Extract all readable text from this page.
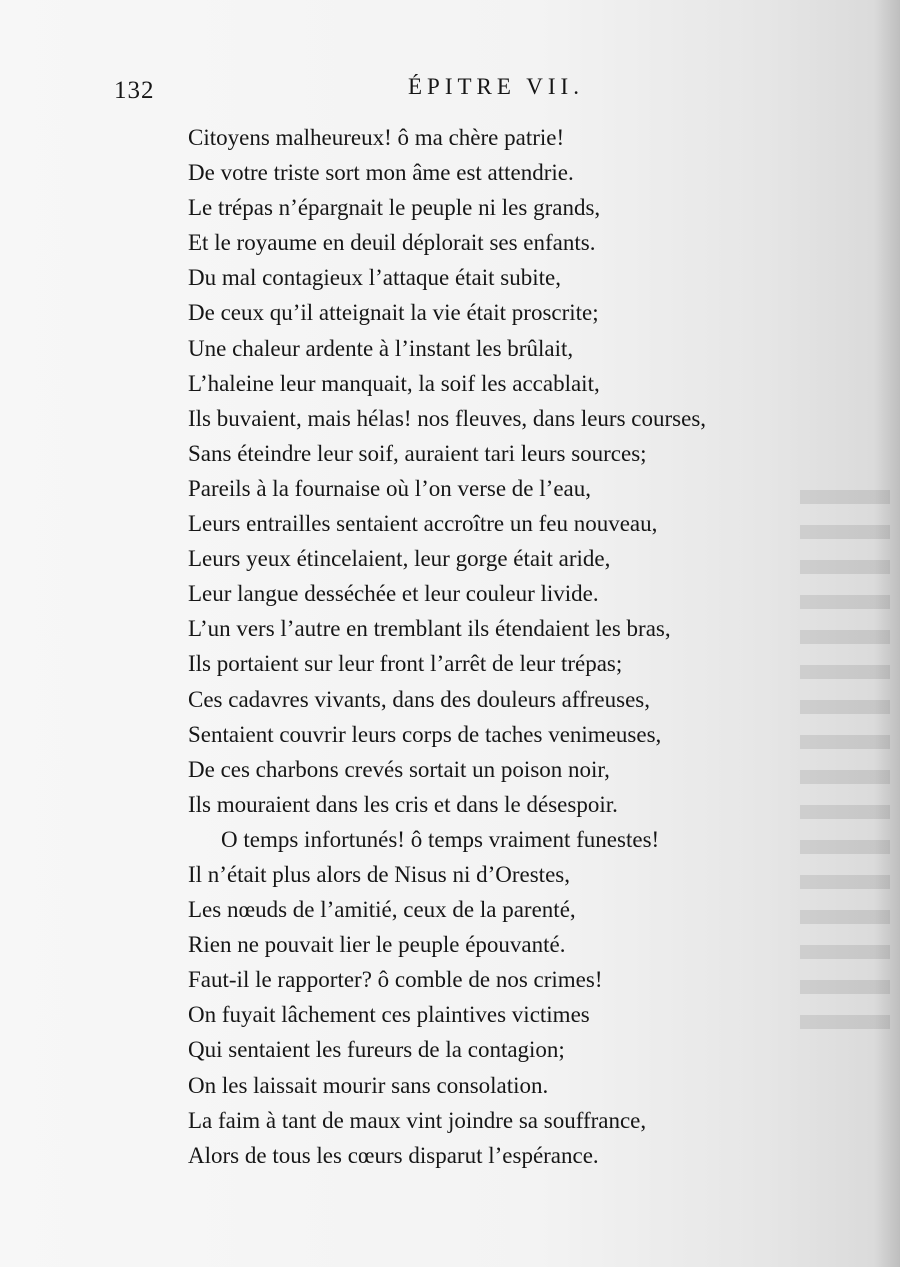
132	ÉPITRE VII.
Citoyens malheureux! ô ma chère patrie!
De votre triste sort mon âme est attendrie.
Le trépas n’épargnait le peuple ni les grands,
Et le royaume en deuil déplorait ses enfants.
Du mal contagieux l’attaque était subite,
De ceux qu’il atteignait la vie était proscrite;
Une chaleur ardente à l’instant les brûlait,
L’haleine leur manquait, la soif les accablait,
Ils buvaient, mais hélas! nos fleuves, dans leurs courses,
Sans éteindre leur soif, auraient tari leurs sources;
Pareils à la fournaise où l’on verse de l’eau,
Leurs entrailles sentaient accroître un feu nouveau,
Leurs yeux étincelaient, leur gorge était aride,
Leur langue desséchée et leur couleur livide.
L’un vers l’autre en tremblant ils étendaient les bras,
Ils portaient sur leur front l’arrêt de leur trépas;
Ces cadavres vivants, dans des douleurs affreuses,
Sentaient couvrir leurs corps de taches venimeuses,
De ces charbons crevés sortait un poison noir,
Ils mouraient dans les cris et dans le désespoir.
O temps infortunés! ô temps vraiment funestes!
Il n’était plus alors de Nisus ni d’Orestes,
Les nœuds de l’amitié, ceux de la parenté,
Rien ne pouvait lier le peuple épouvanté.
Faut-il le rapporter? ô comble de nos crimes!
On fuyait lâchement ces plaintives victimes
Qui sentaient les fureurs de la contagion;
On les laissait mourir sans consolation.
La faim à tant de maux vint joindre sa souffrance,
Alors de tous les cœurs disparut l’espérance.
